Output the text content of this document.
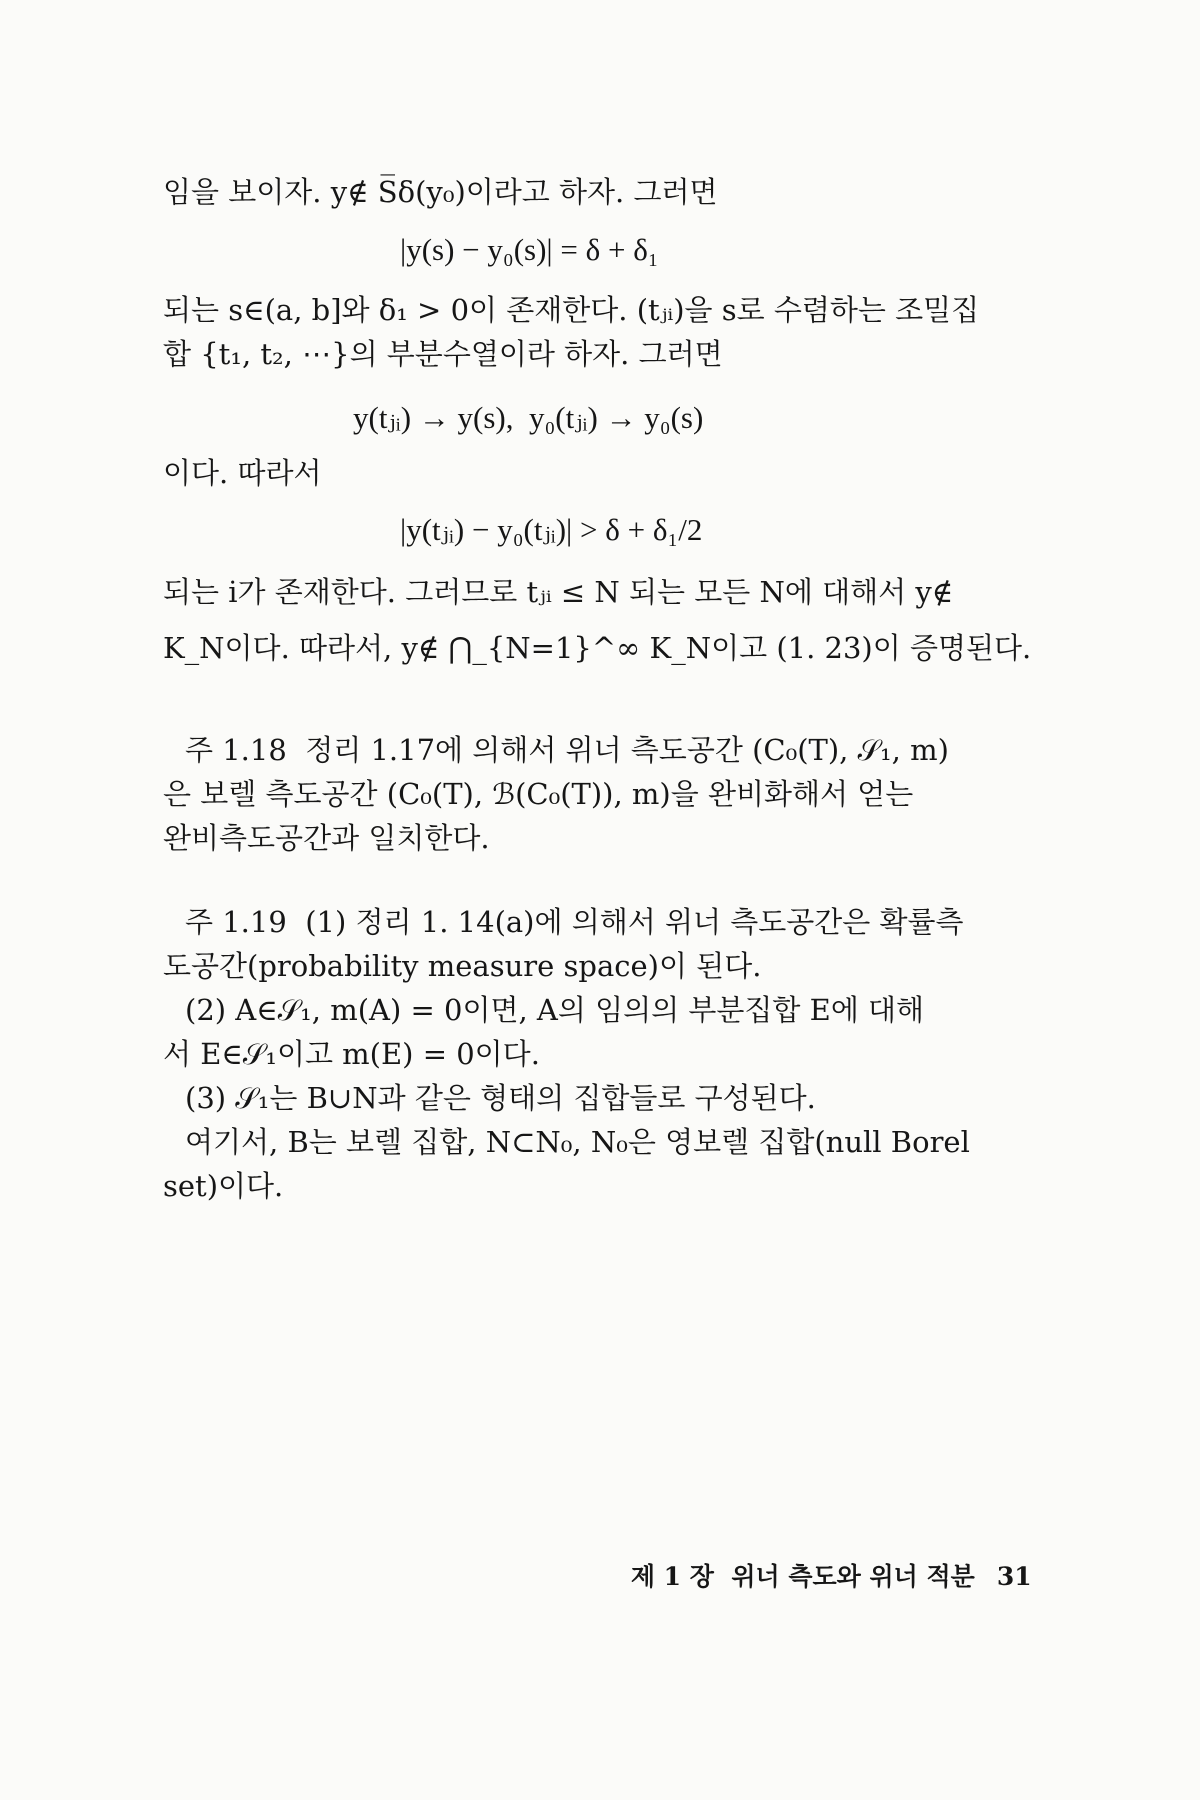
임을 보이자. y∉ S̅δ(y₀)이라고 하자. 그러면
|y(s) − y₀(s)| = δ + δ₁
되는 s∈(a, b]와 δ₁ > 0이 존재한다. (tⱼᵢ)을 s로 수렴하는 조밀집
합 {t₁, t₂, ⋯}의 부분수열이라 하자. 그러면
y(tⱼᵢ) → y(s),  y₀(tⱼᵢ) → y₀(s)
이다. 따라서
|y(tⱼᵢ) − y₀(tⱼᵢ)| > δ + δ₁/2
되는 i가 존재한다. 그러므로 tⱼᵢ ≤ N 되는 모든 N에 대해서 y∉
K_N이다. 따라서, y∉ ⋂_{N=1}^∞ K_N이고 (1. 23)이 증명된다.
주 1.18  정리 1.17에 의해서 위너 측도공간 (C₀(T), 𝒮₁, m)
은 보렐 측도공간 (C₀(T), ℬ(C₀(T)), m)을 완비화해서 얻는
완비측도공간과 일치한다.
주 1.19  (1) 정리 1. 14(a)에 의해서 위너 측도공간은 확률측
도공간(probability measure space)이 된다.
(2) A∈𝒮₁, m(A) = 0이면, A의 임의의 부분집합 E에 대해
서 E∈𝒮₁이고 m(E) = 0이다.
(3) 𝒮₁는 B∪N과 같은 형태의 집합들로 구성된다.
여기서, B는 보렐 집합, N⊂N₀, N₀은 영보렐 집합(null Borel
set)이다.

제 1 장  위너 측도와 위너 적분 31
